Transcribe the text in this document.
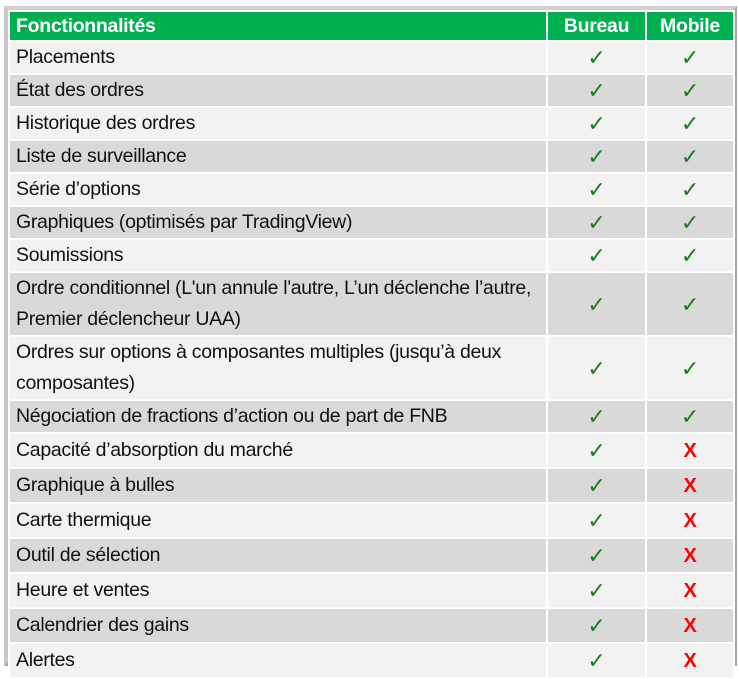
Fonctionnalités	Bureau	Mobile
Placements	✓	✓
État des ordres	✓	✓
Historique des ordres	✓	✓
Liste de surveillance	✓	✓
Série d’options	✓	✓
Graphiques (optimisés par TradingView)	✓	✓
Soumissions	✓	✓
Ordre conditionnel (L'un annule l'autre, L’un déclenche l’autre, Premier déclencheur UAA)	✓	✓
Ordres sur options à composantes multiples (jusqu’à deux composantes)	✓	✓
Négociation de fractions d’action ou de part de FNB	✓	✓
Capacité d’absorption du marché	✓	X
Graphique à bulles	✓	X
Carte thermique	✓	X
Outil de sélection	✓	X
Heure et ventes	✓	X
Calendrier des gains	✓	X
Alertes	✓	X
